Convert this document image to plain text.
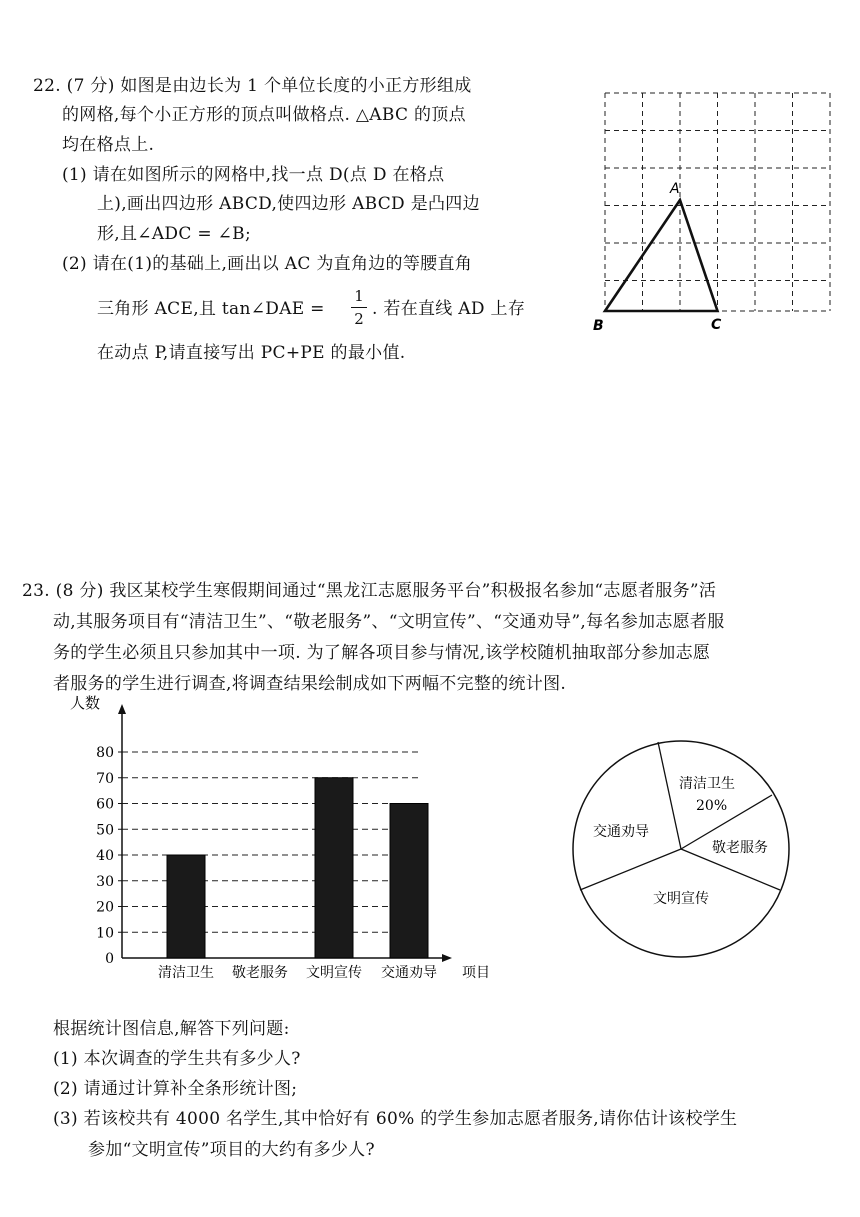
22. (7 分) 如图是由边长为 1 个单位长度的小正方形组成
的网格,每个小正方形的顶点叫做格点. △ABC 的顶点
均在格点上.
(1) 请在如图所示的网格中,找一点 D(点 D 在格点
上),画出四边形 ABCD,使四边形 ABCD 是凸四边
形,且∠ADC = ∠B;
(2) 请在(1)的基础上,画出以 AC 为直角边的等腰直角
三角形 ACE,且 tan∠DAE =
1
2 . 若在直线 AD 上存
在动点 P,请直接写出 PC+PE 的最小值.
A
B	C
23. (8 分) 我区某校学生寒假期间通过“黑龙江志愿服务平台”积极报名参加“志愿者服务”活
动,其服务项目有“清洁卫生”、“敬老服务”、“文明宣传”、“交通劝导”,每名参加志愿者服
务的学生必须且只参加其中一项. 为了解各项目参与情况,该学校随机抽取部分参加志愿
者服务的学生进行调查,将调查结果绘制成如下两幅不完整的统计图.
0
10
20
30
40
50
60
70
80
人数
项目
清洁卫生 敬老服务 文明宣传 交通劝导
清洁卫生
20%
敬老服务
文明宣传
交通劝导
根据统计图信息,解答下列问题:
(1) 本次调查的学生共有多少人?
(2) 请通过计算补全条形统计图;
(3) 若该校共有 4000 名学生,其中恰好有 60% 的学生参加志愿者服务,请你估计该校学生
参加“文明宣传”项目的大约有多少人?
